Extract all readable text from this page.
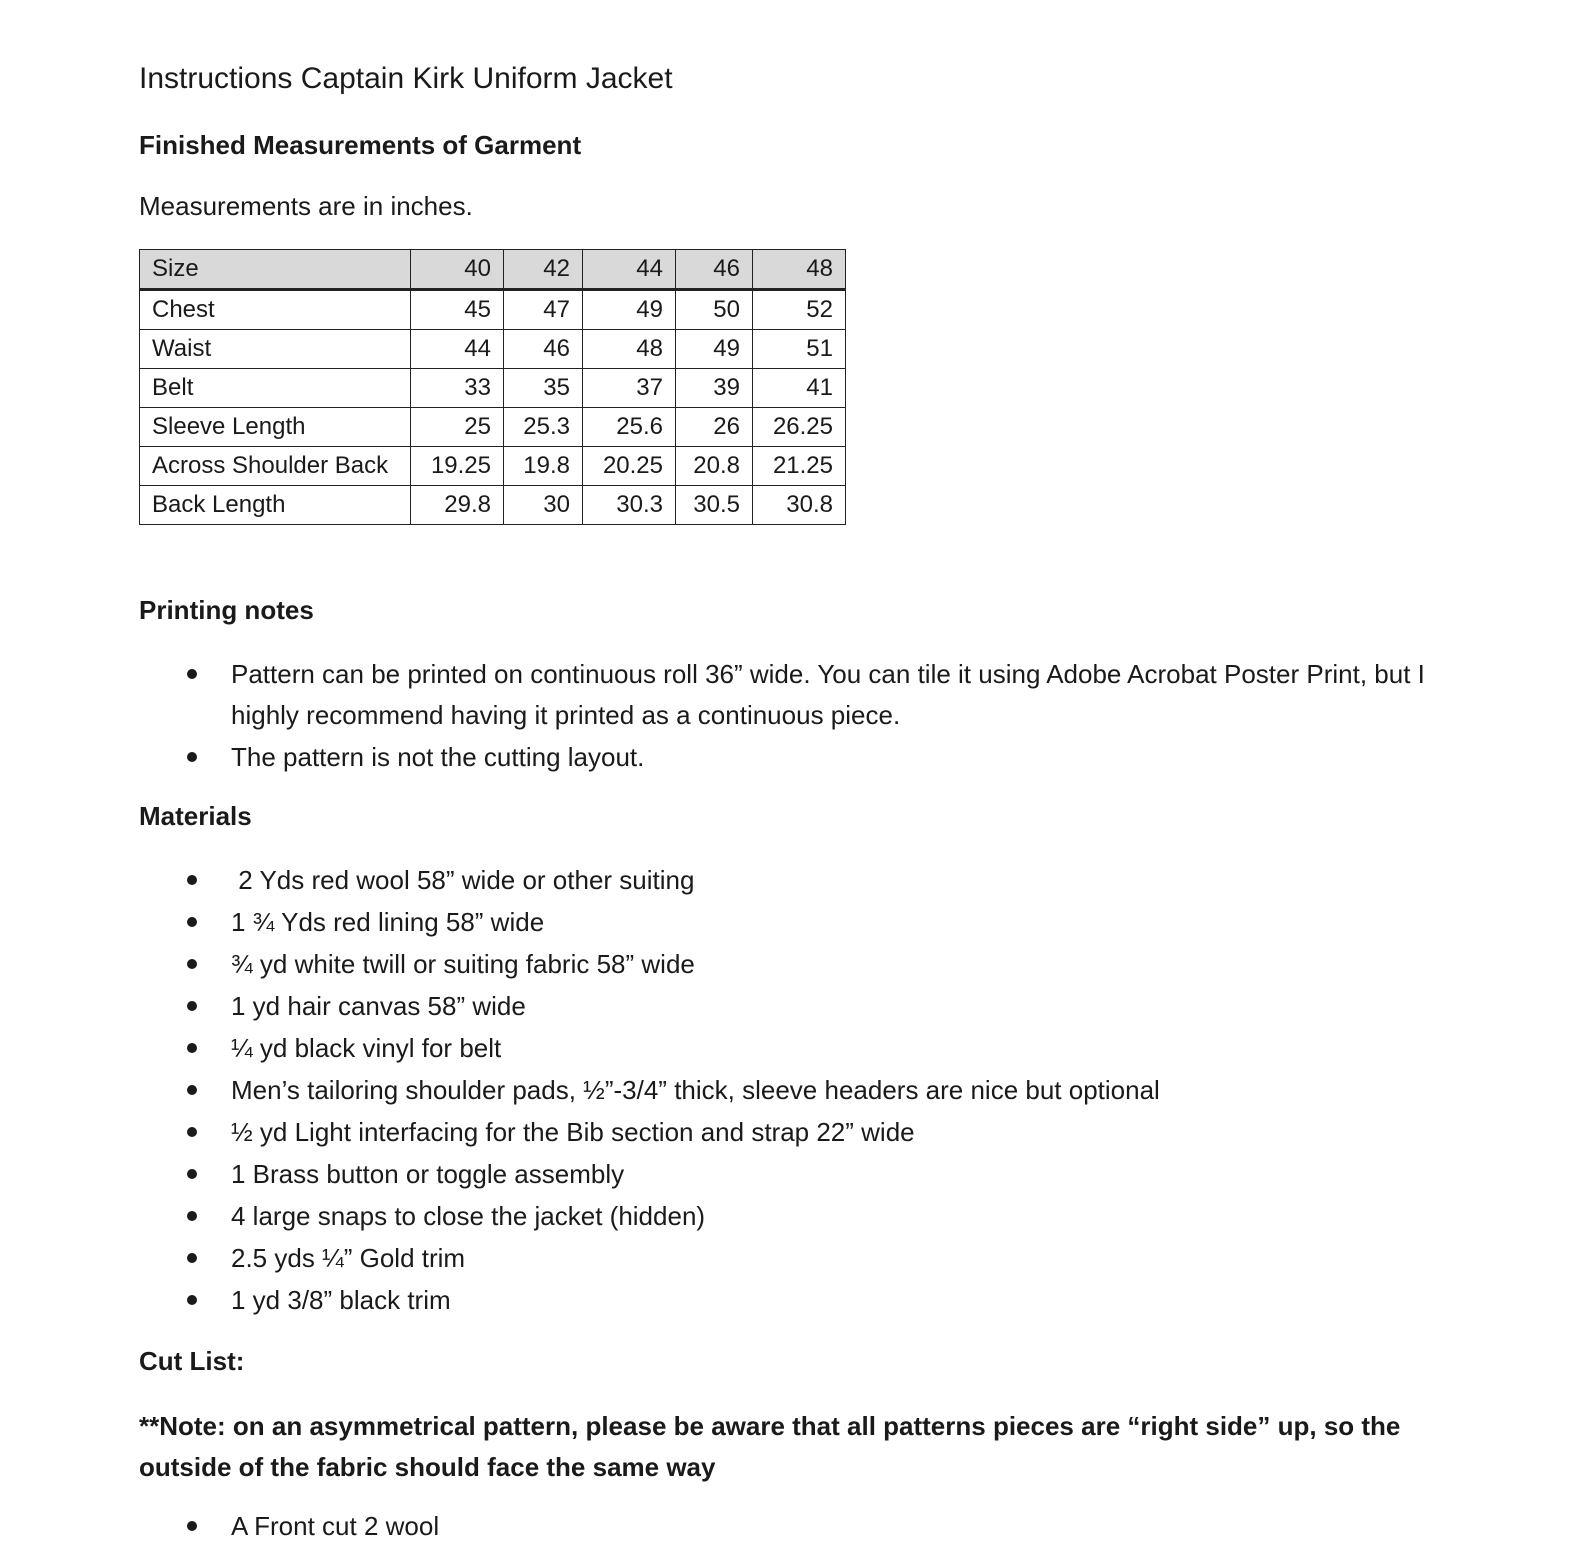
Instructions Captain Kirk Uniform Jacket
Finished Measurements of Garment

Measurements are in inches.

Size	40	42	44	46	48
Chest	45	47	49	50	52
Waist	44	46	48	49	51
Belt	33	35	37	39	41
Sleeve Length	25	25.3	25.6	26	26.25
Across Shoulder Back	19.25	19.8	20.25	20.8	21.25
Back Length	29.8	30	30.3	30.5	30.8
Printing notes
Pattern can be printed on continuous roll 36” wide. You can tile it using Adobe Acrobat Poster Print, but I highly recommend having it printed as a continuous piece.
The pattern is not the cutting layout.
Materials
2 Yds red wool 58” wide or other suiting
1 ¾ Yds red lining 58” wide
¾ yd white twill or suiting fabric 58” wide
1 yd hair canvas 58” wide
¼ yd black vinyl for belt
Men’s tailoring shoulder pads, ½”-3/4” thick, sleeve headers are nice but optional
½ yd Light interfacing for the Bib section and strap 22” wide
1 Brass button or toggle assembly
4 large snaps to close the jacket (hidden)
2.5 yds ¼” Gold trim
1 yd 3/8” black trim
Cut List:

**Note: on an asymmetrical pattern, please be aware that all patterns pieces are “right side” up, so the outside of the fabric should face the same way

A Front cut 2 wool
